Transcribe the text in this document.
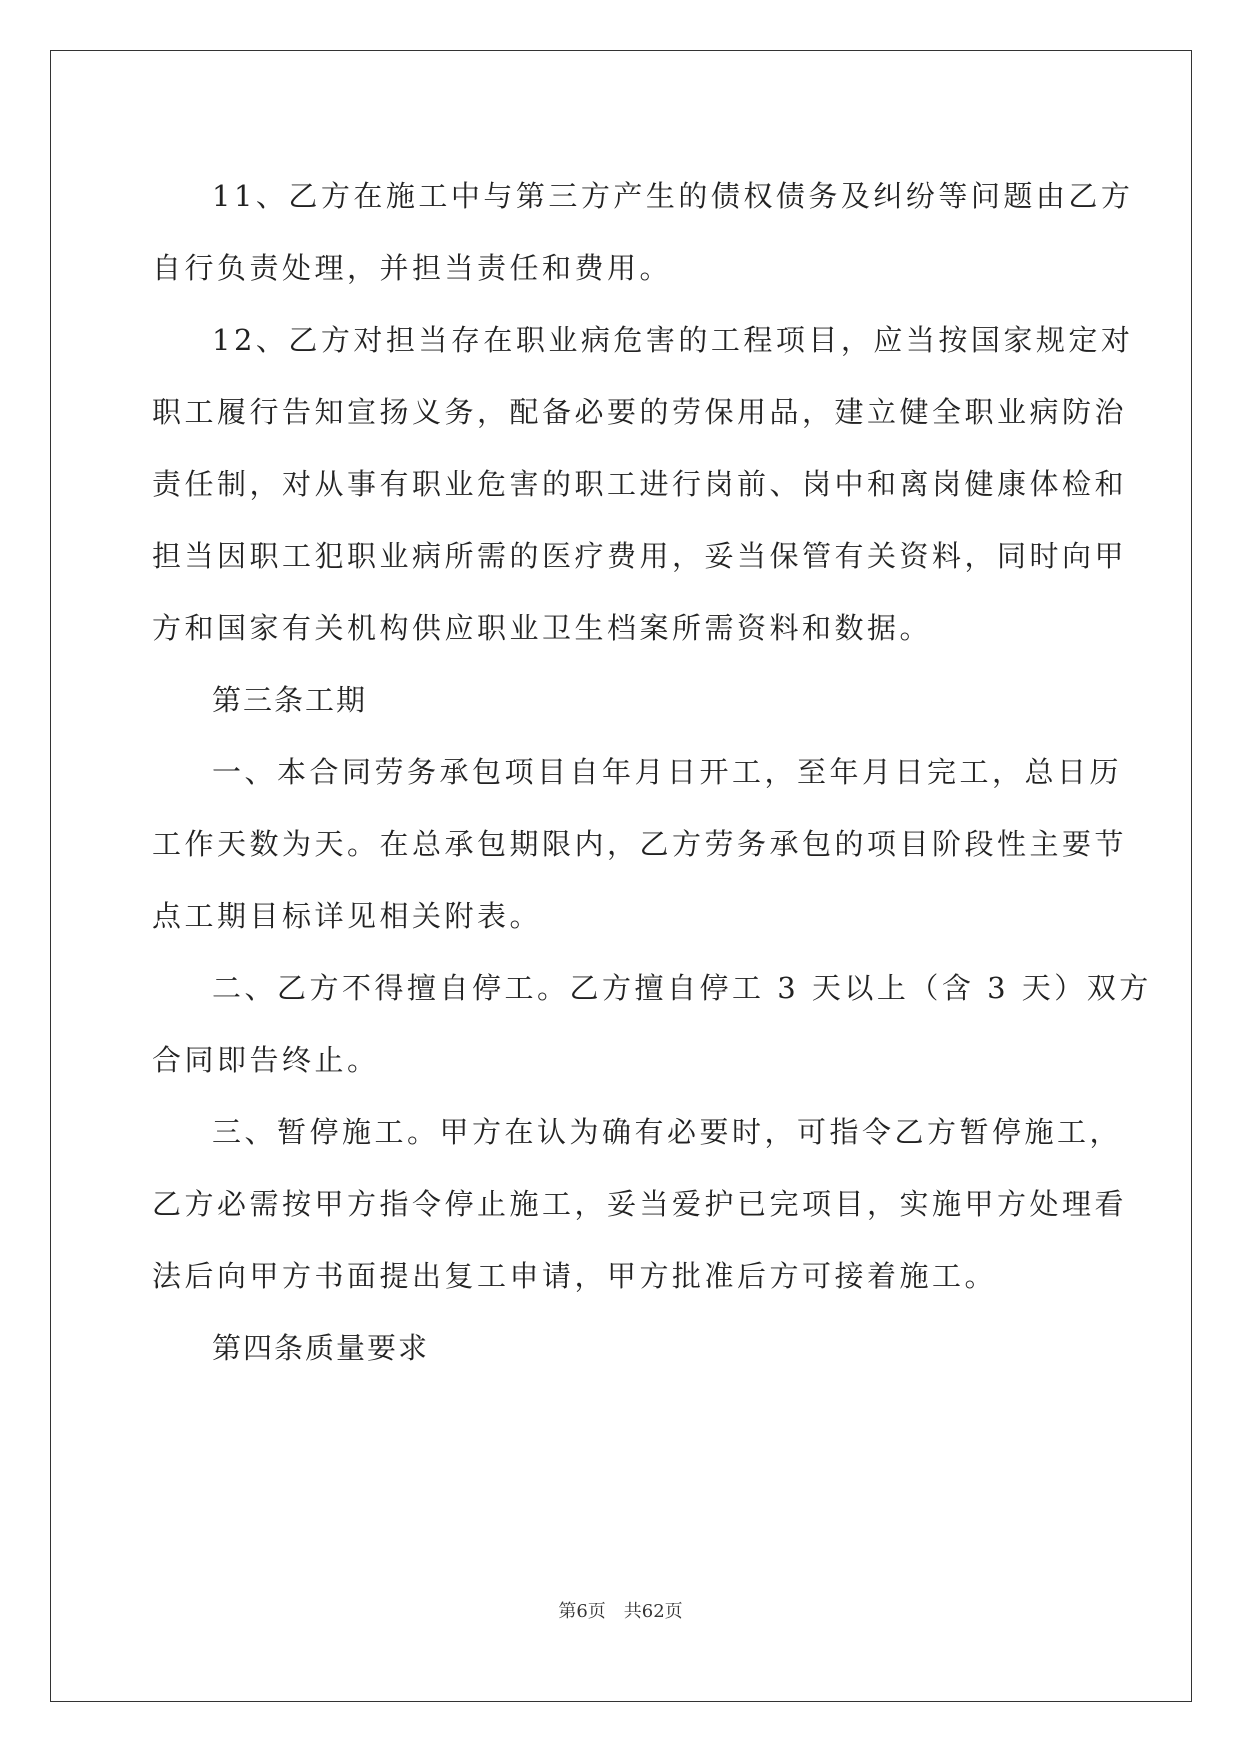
11、乙方在施工中与第三方产生的债权债务及纠纷等问题由乙方
自行负责处理，并担当责任和费用。

12、乙方对担当存在职业病危害的工程项目，应当按国家规定对
职工履行告知宣扬义务，配备必要的劳保用品，建立健全职业病防治
责任制，对从事有职业危害的职工进行岗前、岗中和离岗健康体检和
担当因职工犯职业病所需的医疗费用，妥当保管有关资料，同时向甲
方和国家有关机构供应职业卫生档案所需资料和数据。

第三条工期

一、本合同劳务承包项目自年月日开工，至年月日完工，总日历
工作天数为天。在总承包期限内，乙方劳务承包的项目阶段性主要节
点工期目标详见相关附表。

二、乙方不得擅自停工。乙方擅自停工 3 天以上（含 3 天）双方
合同即告终止。

三、暂停施工。甲方在认为确有必要时，可指令乙方暂停施工，
乙方必需按甲方指令停止施工，妥当爱护已完项目，实施甲方处理看
法后向甲方书面提出复工申请，甲方批准后方可接着施工。

第四条质量要求

第6页 共62页
